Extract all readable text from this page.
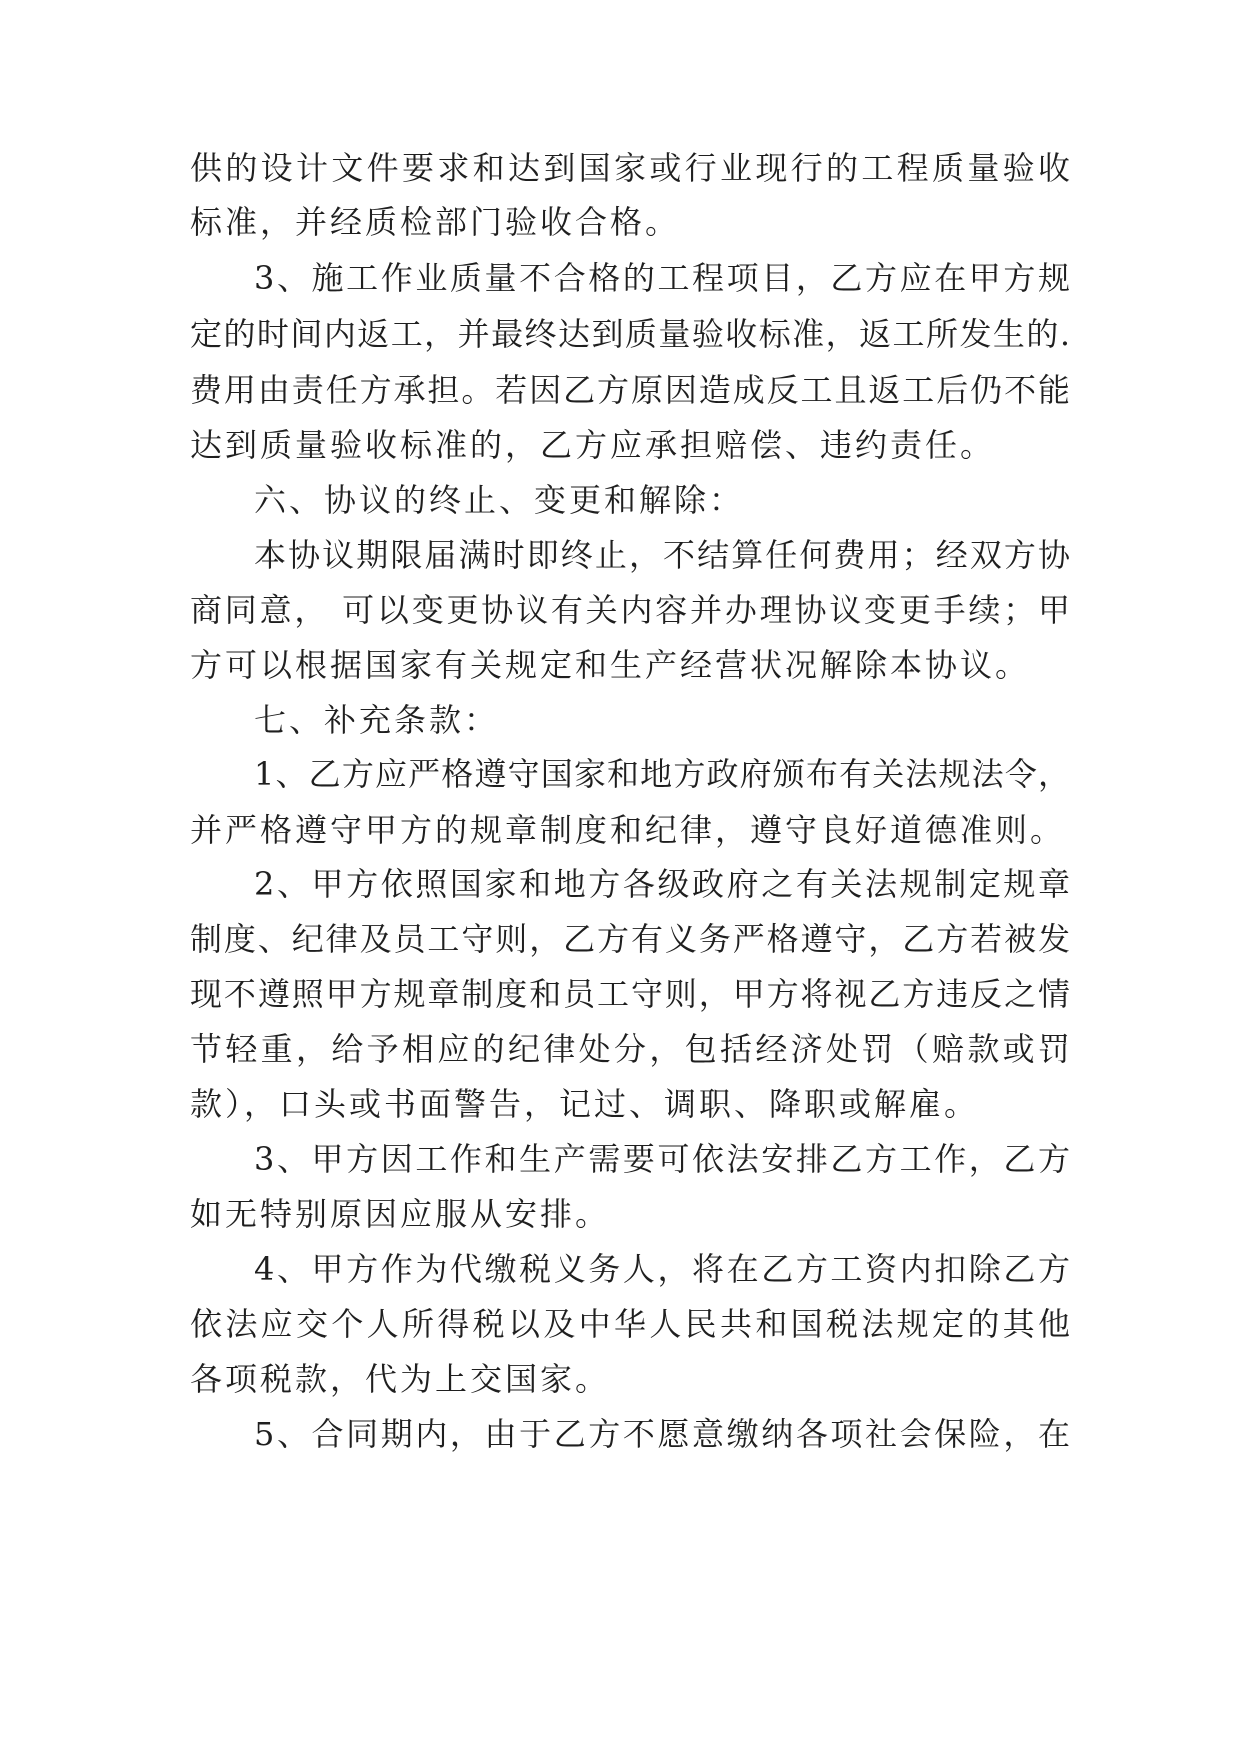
供的设计文件要求和达到国家或行业现行的工程质量验收
标准，并经质检部门验收合格。
3、施工作业质量不合格的工程项目，乙方应在甲方规
定的时间内返工，并最终达到质量验收标准，返工所发生的.
费用由责任方承担。若因乙方原因造成反工且返工后仍不能
达到质量验收标准的，乙方应承担赔偿、违约责任。
六、协议的终止、变更和解除：
本协议期限届满时即终止，不结算任何费用；经双方协
商同意， 可以变更协议有关内容并办理协议变更手续；甲
方可以根据国家有关规定和生产经营状况解除本协议。
七、补充条款：
1、乙方应严格遵守国家和地方政府颁布有关法规法令，
并严格遵守甲方的规章制度和纪律，遵守良好道德准则。
2、甲方依照国家和地方各级政府之有关法规制定规章
制度、纪律及员工守则，乙方有义务严格遵守，乙方若被发
现不遵照甲方规章制度和员工守则，甲方将视乙方违反之情
节轻重，给予相应的纪律处分，包括经济处罚（赔款或罚
款），口头或书面警告，记过、调职、降职或解雇。
3、甲方因工作和生产需要可依法安排乙方工作，乙方
如无特别原因应服从安排。
4、甲方作为代缴税义务人，将在乙方工资内扣除乙方
依法应交个人所得税以及中华人民共和国税法规定的其他
各项税款，代为上交国家。
5、合同期内，由于乙方不愿意缴纳各项社会保险，在
